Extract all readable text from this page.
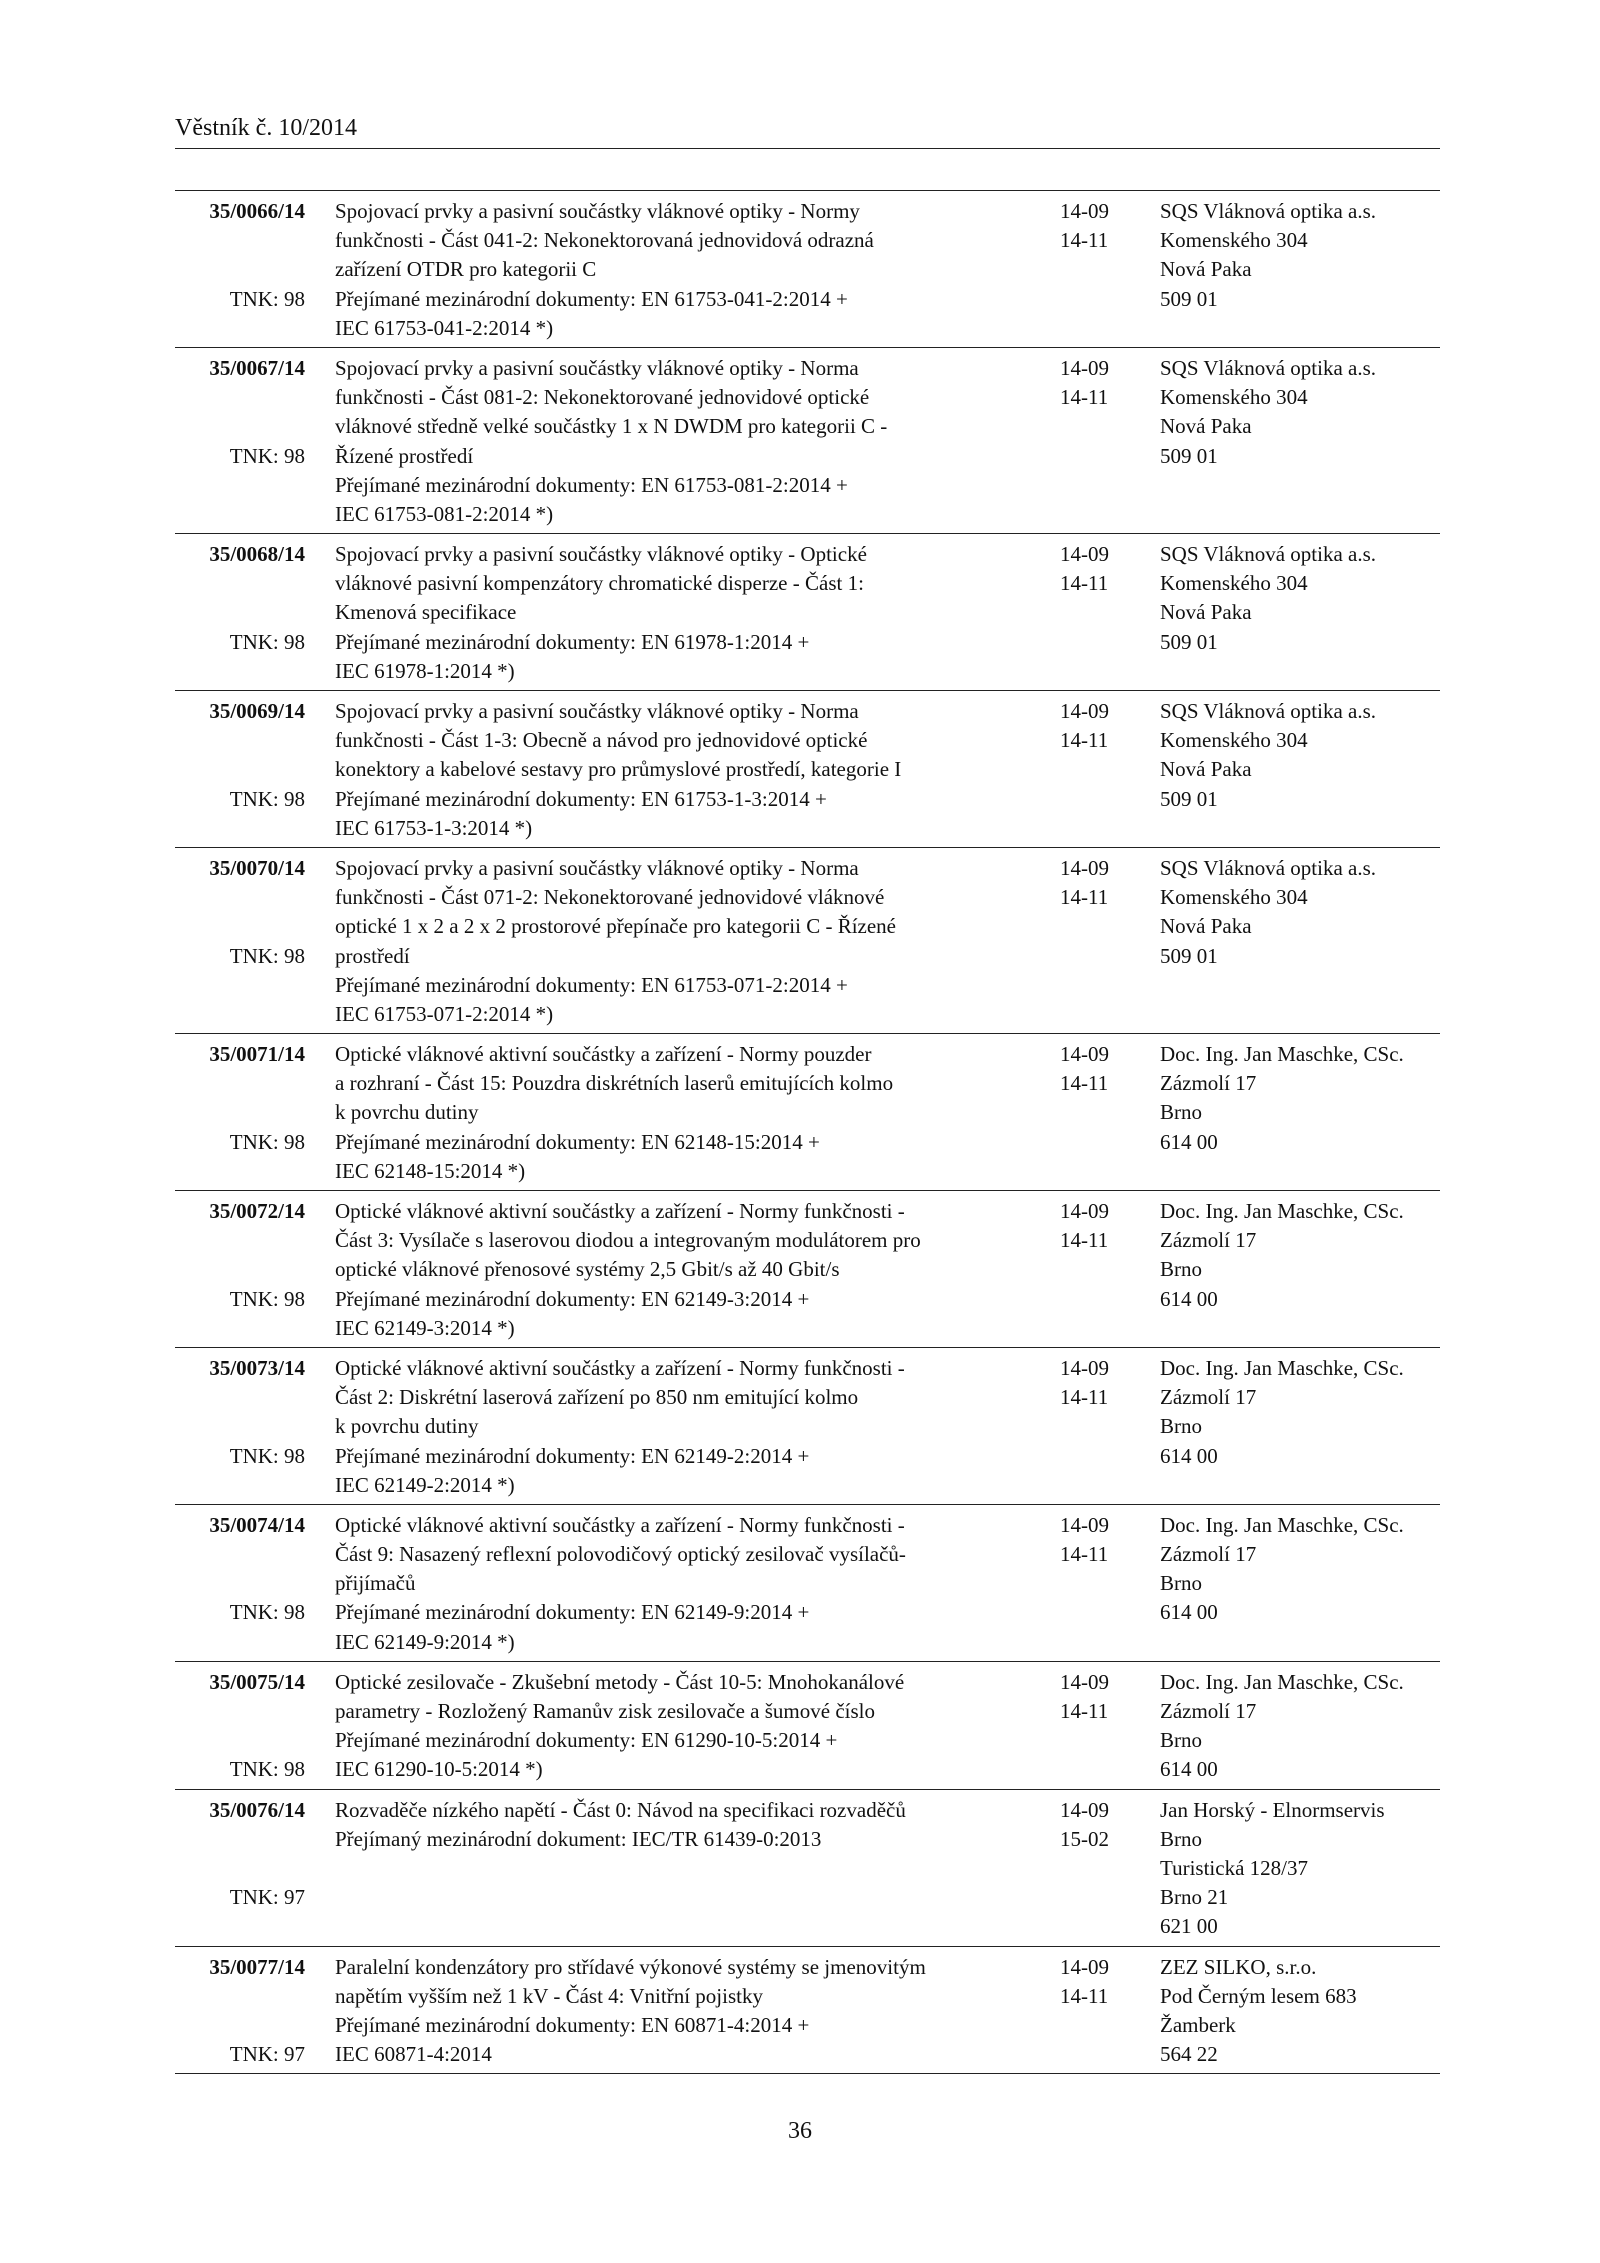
Věstník č. 10/2014
35/0066/14 Spojovací prvky a pasivní součástky vláknové optiky - Normy	14-09 SQS Vláknová optika a.s.
funkčnosti - Část 041-2: Nekonektorovaná jednovidová odrazná	14-11 Komenského 304
zařízení OTDR pro kategorii C	Nová Paka
TNK: 98 Přejímané mezinárodní dokumenty: EN 61753-041-2:2014 +	509 01
IEC 61753-041-2:2014 *)
35/0067/14 Spojovací prvky a pasivní součástky vláknové optiky - Norma	14-09 SQS Vláknová optika a.s.
funkčnosti - Část 081-2: Nekonektorované jednovidové optické	14-11 Komenského 304
vláknové středně velké součástky 1 x N DWDM pro kategorii C -	Nová Paka
TNK: 98 Řízené prostředí	509 01
Přejímané mezinárodní dokumenty: EN 61753-081-2:2014 +
IEC 61753-081-2:2014 *)
35/0068/14 Spojovací prvky a pasivní součástky vláknové optiky - Optické	14-09 SQS Vláknová optika a.s.
vláknové pasivní kompenzátory chromatické disperze - Část 1:	14-11 Komenského 304
Kmenová specifikace	Nová Paka
TNK: 98 Přejímané mezinárodní dokumenty: EN 61978-1:2014 +	509 01
IEC 61978-1:2014 *)
35/0069/14 Spojovací prvky a pasivní součástky vláknové optiky - Norma	14-09 SQS Vláknová optika a.s.
funkčnosti - Část 1-3: Obecně a návod pro jednovidové optické	14-11 Komenského 304
konektory a kabelové sestavy pro průmyslové prostředí, kategorie I	Nová Paka
TNK: 98 Přejímané mezinárodní dokumenty: EN 61753-1-3:2014 +	509 01
IEC 61753-1-3:2014 *)
35/0070/14 Spojovací prvky a pasivní součástky vláknové optiky - Norma	14-09 SQS Vláknová optika a.s.
funkčnosti - Část 071-2: Nekonektorované jednovidové vláknové	14-11 Komenského 304
optické 1 x 2 a 2 x 2 prostorové přepínače pro kategorii C - Řízené	Nová Paka
TNK: 98 prostředí	509 01
Přejímané mezinárodní dokumenty: EN 61753-071-2:2014 +
IEC 61753-071-2:2014 *)
35/0071/14 Optické vláknové aktivní součástky a zařízení - Normy pouzder	14-09 Doc. Ing. Jan Maschke, CSc.
a rozhraní - Část 15: Pouzdra diskrétních laserů emitujících kolmo	14-11 Zázmolí 17
k povrchu dutiny	Brno
TNK: 98 Přejímané mezinárodní dokumenty: EN 62148-15:2014 +	614 00
IEC 62148-15:2014 *)
35/0072/14 Optické vláknové aktivní součástky a zařízení - Normy funkčnosti -	14-09 Doc. Ing. Jan Maschke, CSc.
Část 3: Vysílače s laserovou diodou a integrovaným modulátorem pro	14-11 Zázmolí 17
optické vláknové přenosové systémy 2,5 Gbit/s až 40 Gbit/s	Brno
TNK: 98 Přejímané mezinárodní dokumenty: EN 62149-3:2014 +	614 00
IEC 62149-3:2014 *)
35/0073/14 Optické vláknové aktivní součástky a zařízení - Normy funkčnosti -	14-09 Doc. Ing. Jan Maschke, CSc.
Část 2: Diskrétní laserová zařízení po 850 nm emitující kolmo	14-11 Zázmolí 17
k povrchu dutiny	Brno
TNK: 98 Přejímané mezinárodní dokumenty: EN 62149-2:2014 +	614 00
IEC 62149-2:2014 *)
35/0074/14 Optické vláknové aktivní součástky a zařízení - Normy funkčnosti -	14-09 Doc. Ing. Jan Maschke, CSc.
Část 9: Nasazený reflexní polovodičový optický zesilovač vysílačů-	14-11 Zázmolí 17
přijímačů	Brno
TNK: 98 Přejímané mezinárodní dokumenty: EN 62149-9:2014 +	614 00
IEC 62149-9:2014 *)
35/0075/14 Optické zesilovače - Zkušební metody - Část 10-5: Mnohokanálové	14-09 Doc. Ing. Jan Maschke, CSc.
parametry - Rozložený Ramanův zisk zesilovače a šumové číslo	14-11 Zázmolí 17
Přejímané mezinárodní dokumenty: EN 61290-10-5:2014 +	Brno
TNK: 98 IEC 61290-10-5:2014 *)	614 00
35/0076/14 Rozvaděče nízkého napětí - Část 0: Návod na specifikaci rozvaděčů	14-09 Jan Horský - Elnormservis
Přejímaný mezinárodní dokument: IEC/TR 61439-0:2013	15-02 Brno
Turistická 128/37
TNK: 97	Brno 21
621 00
35/0077/14 Paralelní kondenzátory pro střídavé výkonové systémy se jmenovitým	14-09 ZEZ SILKO, s.r.o.
napětím vyšším než 1 kV - Část 4: Vnitřní pojistky	14-11 Pod Černým lesem 683
Přejímané mezinárodní dokumenty: EN 60871-4:2014 +	Žamberk
TNK: 97 IEC 60871-4:2014	564 22
36
